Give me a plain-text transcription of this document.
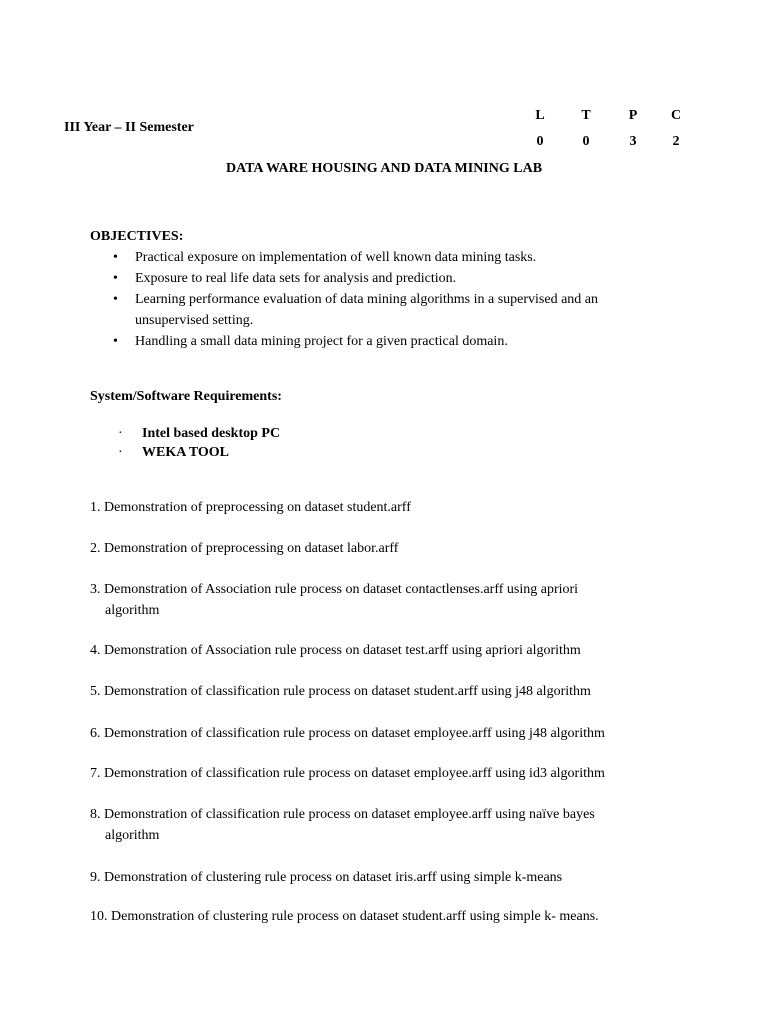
III Year – II Semester
L	T	P	C
0	0	3	2
DATA WARE HOUSING AND DATA MINING LAB
OBJECTIVES:
• Practical exposure on implementation of well known data mining tasks.
• Exposure to real life data sets for analysis and prediction.
• Learning performance evaluation of data mining algorithms in a supervised and an
unsupervised setting.
• Handling a small data mining project for a given practical domain.
System/Software Requirements:
· Intel based desktop PC
· WEKA TOOL
1. Demonstration of preprocessing on dataset student.arff
2. Demonstration of preprocessing on dataset labor.arff
3. Demonstration of Association rule process on dataset contactlenses.arff using apriori
algorithm
4. Demonstration of Association rule process on dataset test.arff using apriori algorithm
5. Demonstration of classification rule process on dataset student.arff using j48 algorithm
6. Demonstration of classification rule process on dataset employee.arff using j48 algorithm
7. Demonstration of classification rule process on dataset employee.arff using id3 algorithm
8. Demonstration of classification rule process on dataset employee.arff using naïve bayes
algorithm
9. Demonstration of clustering rule process on dataset iris.arff using simple k-means
10. Demonstration of clustering rule process on dataset student.arff using simple k- means.
